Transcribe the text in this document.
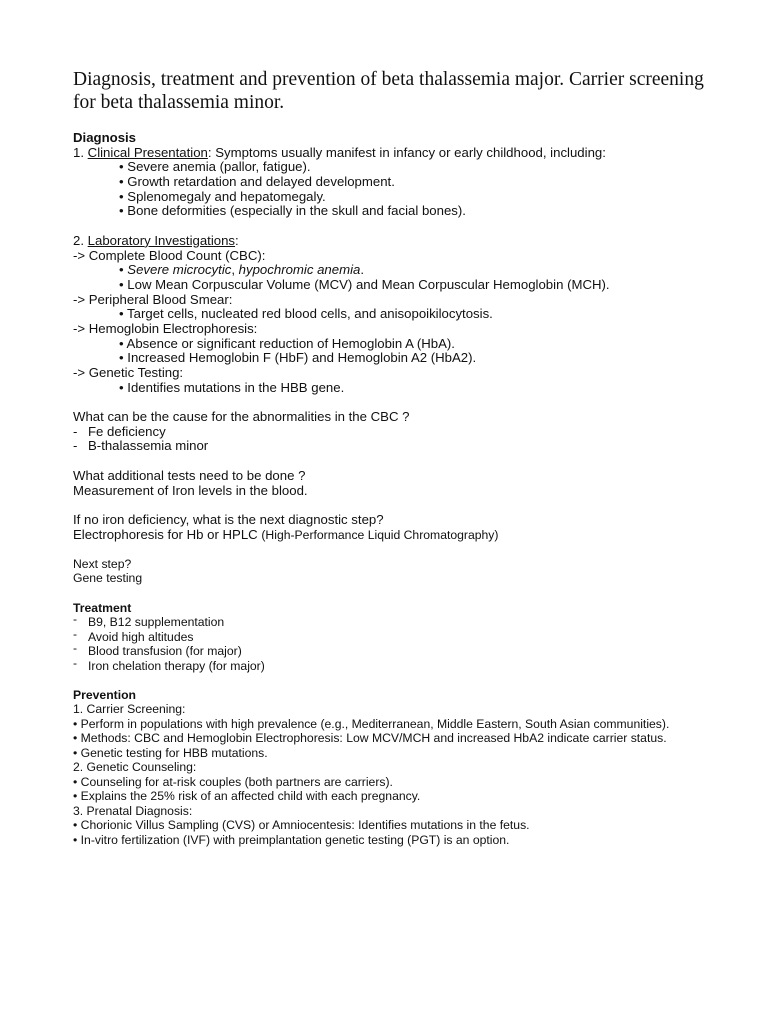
Diagnosis, treatment and prevention of beta thalassemia major. Carrier screening for beta thalassemia minor.
Diagnosis
1. Clinical Presentation: Symptoms usually manifest in infancy or early childhood, including:
• Severe anemia (pallor, fatigue).
• Growth retardation and delayed development.
• Splenomegaly and hepatomegaly.
• Bone deformities (especially in the skull and facial bones).
2. Laboratory Investigations:
-> Complete Blood Count (CBC):
• Severe microcytic, hypochromic anemia.
• Low Mean Corpuscular Volume (MCV) and Mean Corpuscular Hemoglobin (MCH).
-> Peripheral Blood Smear:
• Target cells, nucleated red blood cells, and anisopoikilocytosis.
-> Hemoglobin Electrophoresis:
• Absence or significant reduction of Hemoglobin A (HbA).
• Increased Hemoglobin F (HbF) and Hemoglobin A2 (HbA2).
-> Genetic Testing:
• Identifies mutations in the HBB gene.
What can be the cause for the abnormalities in the CBC ?
- Fe deficiency
- B-thalassemia minor
What additional tests need to be done ?
Measurement of Iron levels in the blood.
If no iron deficiency, what is the next diagnostic step?
Electrophoresis for Hb or HPLC (High-Performance Liquid Chromatography)
Next step?
Gene testing
Treatment
- B9, B12 supplementation
- Avoid high altitudes
- Blood transfusion (for major)
- Iron chelation therapy (for major)
Prevention
1. Carrier Screening:
• Perform in populations with high prevalence (e.g., Mediterranean, Middle Eastern, South Asian communities).
• Methods: CBC and Hemoglobin Electrophoresis: Low MCV/MCH and increased HbA2 indicate carrier status.
• Genetic testing for HBB mutations.
2. Genetic Counseling:
• Counseling for at-risk couples (both partners are carriers).
• Explains the 25% risk of an affected child with each pregnancy.
3. Prenatal Diagnosis:
• Chorionic Villus Sampling (CVS) or Amniocentesis: Identifies mutations in the fetus.
• In-vitro fertilization (IVF) with preimplantation genetic testing (PGT) is an option.
